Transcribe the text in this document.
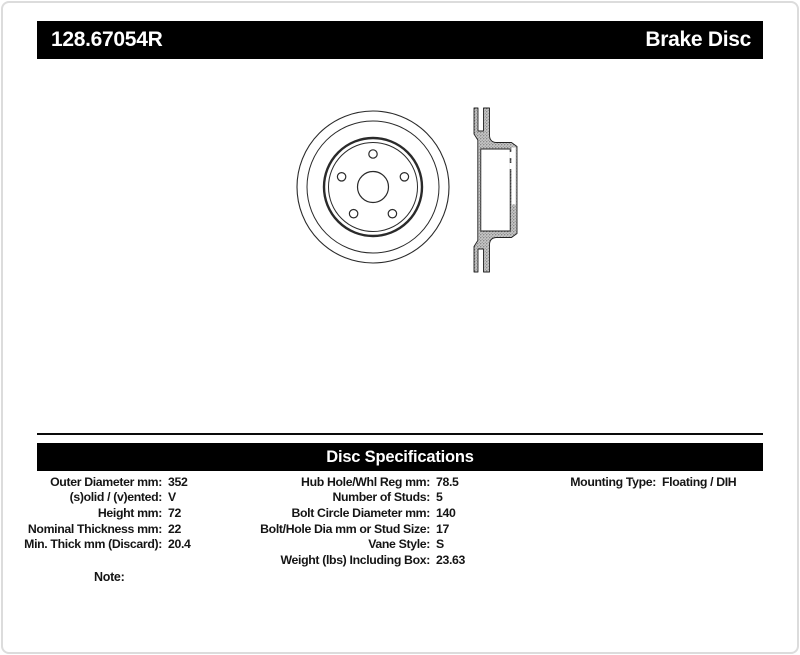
128.67054R	Brake Disc
Disc Specifications
Outer Diameter mm: 352
(s)olid / (v)ented: V
Height mm: 72
Nominal Thickness mm: 22
Min. Thick mm (Discard): 20.4
Hub Hole/Whl Reg mm: 78.5
Number of Studs: 5
Bolt Circle Diameter mm: 140
Bolt/Hole Dia mm or Stud Size: 17
Vane Style: S
Weight (lbs) Including Box: 23.63
Mounting Type: Floating / DIH
Note:
